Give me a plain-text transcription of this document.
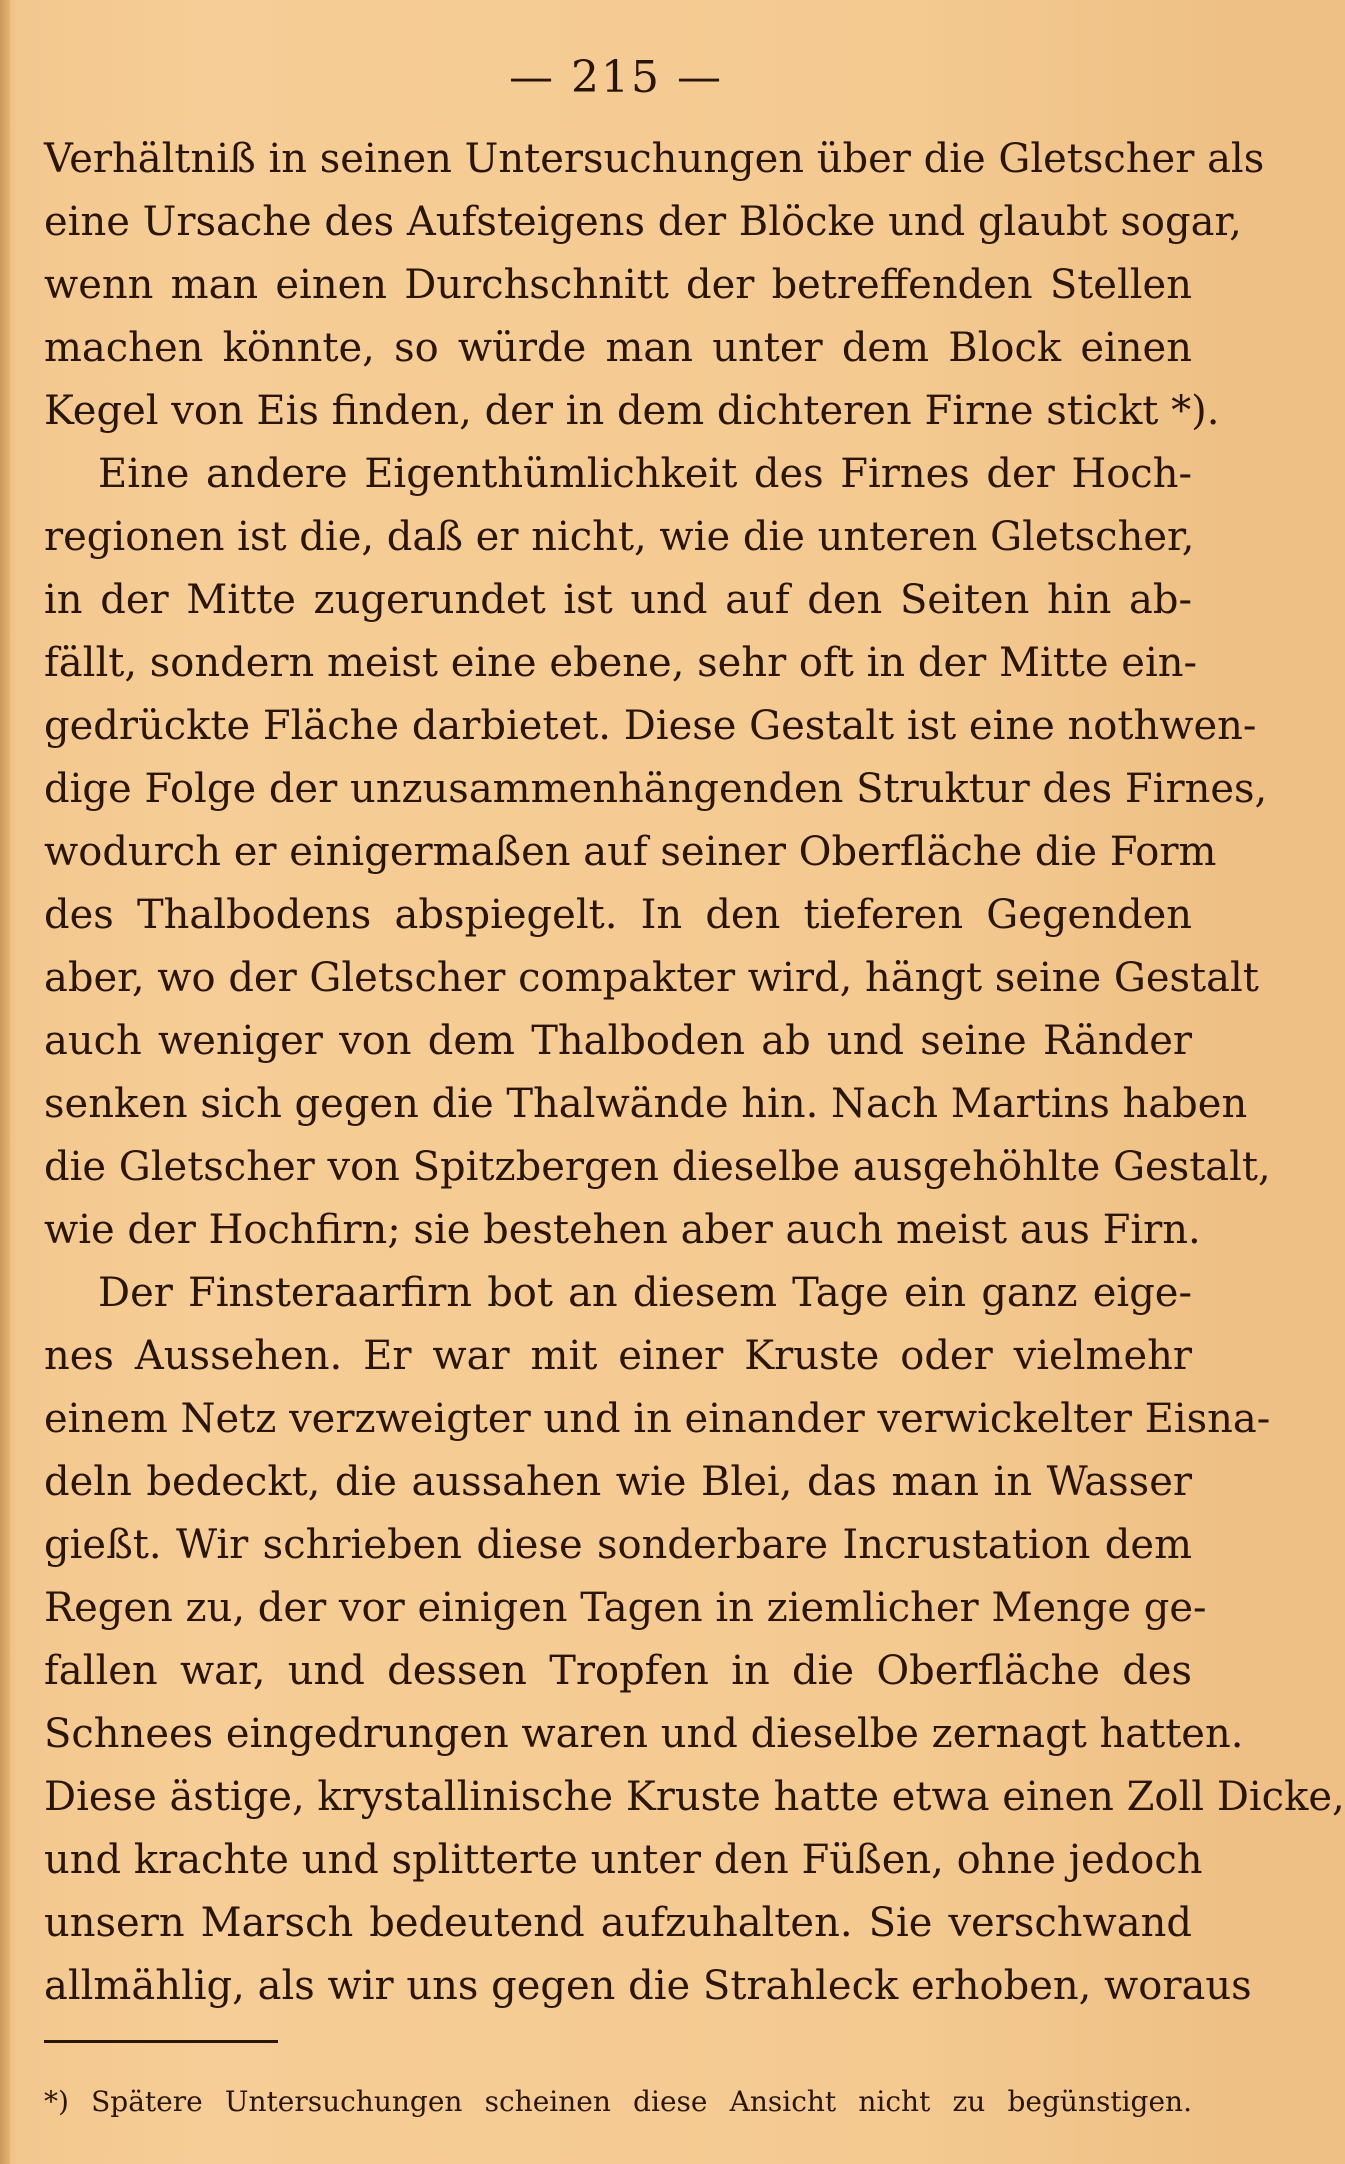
— 215 —
Verhältniß in seinen Untersuchungen über die Gletscher als
eine Ursache des Aufsteigens der Blöcke und glaubt sogar,
wenn man einen Durchschnitt der betreffenden Stellen
machen könnte, so würde man unter dem Block einen
Kegel von Eis finden, der in dem dichteren Firne stickt *).
Eine andere Eigenthümlichkeit des Firnes der Hoch-
regionen ist die, daß er nicht, wie die unteren Gletscher,
in der Mitte zugerundet ist und auf den Seiten hin ab-
fällt, sondern meist eine ebene, sehr oft in der Mitte ein-
gedrückte Fläche darbietet. Diese Gestalt ist eine nothwen-
dige Folge der unzusammenhängenden Struktur des Firnes,
wodurch er einigermaßen auf seiner Oberfläche die Form
des Thalbodens abspiegelt. In den tieferen Gegenden
aber, wo der Gletscher compakter wird, hängt seine Gestalt
auch weniger von dem Thalboden ab und seine Ränder
senken sich gegen die Thalwände hin. Nach Martins haben
die Gletscher von Spitzbergen dieselbe ausgehöhlte Gestalt,
wie der Hochfirn; sie bestehen aber auch meist aus Firn.
Der Finsteraarfirn bot an diesem Tage ein ganz eige-
nes Aussehen. Er war mit einer Kruste oder vielmehr
einem Netz verzweigter und in einander verwickelter Eisna-
deln bedeckt, die aussahen wie Blei, das man in Wasser
gießt. Wir schrieben diese sonderbare Incrustation dem
Regen zu, der vor einigen Tagen in ziemlicher Menge ge-
fallen war, und dessen Tropfen in die Oberfläche des
Schnees eingedrungen waren und dieselbe zernagt hatten.
Diese ästige, krystallinische Kruste hatte etwa einen Zoll Dicke,
und krachte und splitterte unter den Füßen, ohne jedoch
unsern Marsch bedeutend aufzuhalten. Sie verschwand
allmählig, als wir uns gegen die Strahleck erhoben, woraus
*) Spätere Untersuchungen scheinen diese Ansicht nicht zu begünstigen.
